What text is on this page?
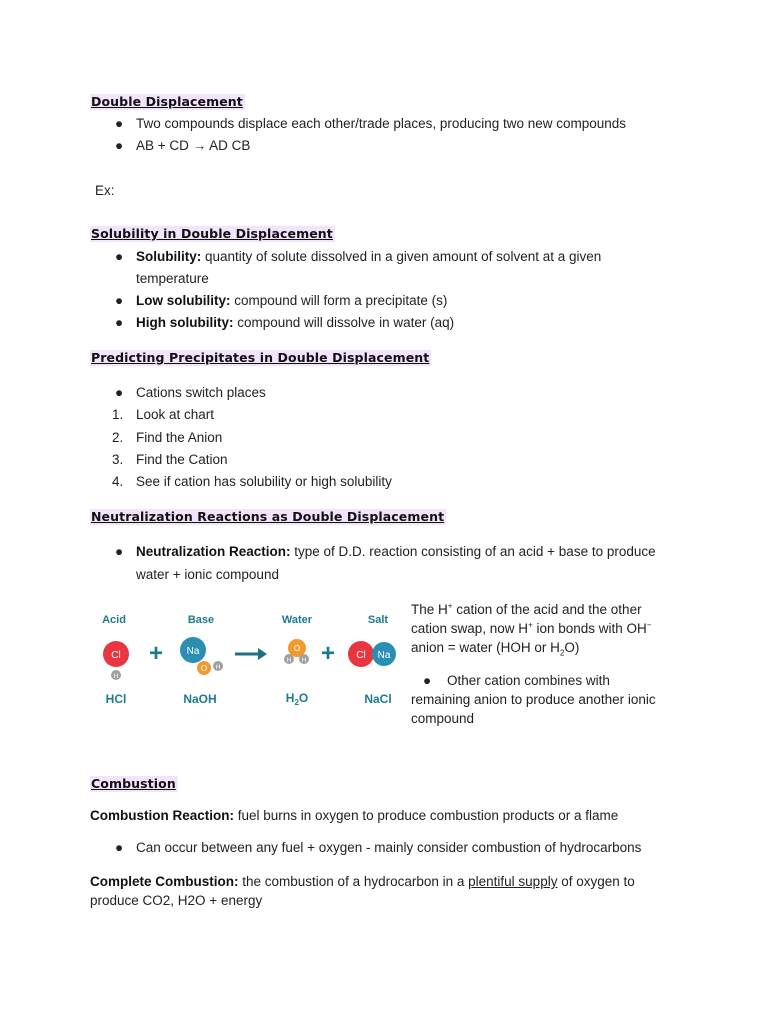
Double Displacement
● Two compounds displace each other/trade places, producing two new compounds
● AB + CD → AD CB
Ex:
Solubility in Double Displacement
● Solubility: quantity of solute dissolved in a given amount of solvent at a given
temperature
● Low solubility: compound will form a precipitate (s)
● High solubility: compound will dissolve in water (aq)
Predicting Precipitates in Double Displacement
● Cations switch places
1. Look at chart
2. Find the Anion
3. Find the Cation
4. See if cation has solubility or high solubility
Neutralization Reactions as Double Displacement
● Neutralization Reaction: type of D.D. reaction consisting of an acid + base to produce
water + ionic compound
Acid	Base	Water	Salt
Cl
H
+ Na
O H
O
H H + Cl Na
HCl	NaOH	$H_2O$	NaCl
The H+ cation of the acid and the other
cation swap, now H+ ion bonds with OH−
anion = water (HOH or $H_2O$)
● Other cation combines with
remaining anion to produce another ionic
compound
Combustion
Combustion Reaction: fuel burns in oxygen to produce combustion products or a flame
● Can occur between any fuel + oxygen - mainly consider combustion of hydrocarbons
Complete Combustion: the combustion of a hydrocarbon in a plentiful supply of oxygen to
produce CO2, H2O + energy
